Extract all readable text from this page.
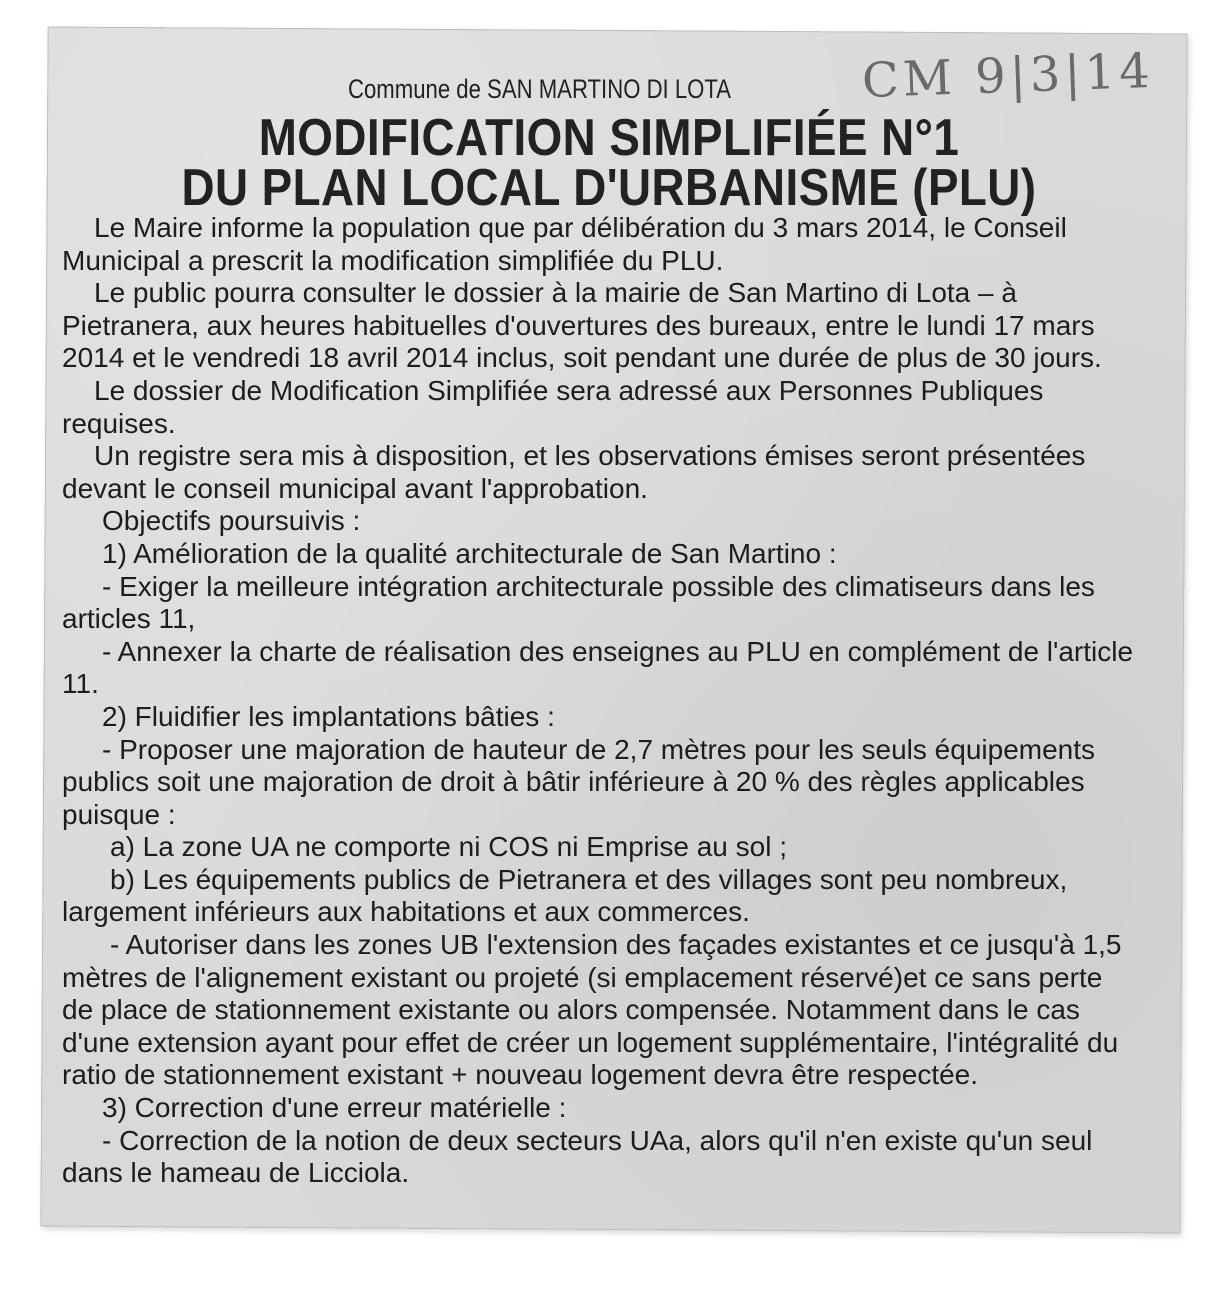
CM 9|3|14
Commune de SAN MARTINO DI LOTA
MODIFICATION SIMPLIFIÉE N°1
DU PLAN LOCAL D'URBANISME (PLU)

Le Maire informe la population que par délibération du 3 mars 2014, le Conseil Municipal a prescrit la modification simplifiée du PLU.

Le public pourra consulter le dossier à la mairie de San Martino di Lota – à Pietranera, aux heures habituelles d'ouvertures des bureaux, entre le lundi 17 mars 2014 et le vendredi 18 avril 2014 inclus, soit pendant une durée de plus de 30 jours.

Le dossier de Modification Simplifiée sera adressé aux Personnes Publiques requises.

Un registre sera mis à disposition, et les observations émises seront présentées devant le conseil municipal avant l'approbation.

Objectifs poursuivis :

1) Amélioration de la qualité architecturale de San Martino :

- Exiger la meilleure intégration architecturale possible des climatiseurs dans les articles 11,

- Annexer la charte de réalisation des enseignes au PLU en complément de l'article 11.

2) Fluidifier les implantations bâties :

- Proposer une majoration de hauteur de 2,7 mètres pour les seuls équipements publics soit une majoration de droit à bâtir inférieure à 20 % des règles applicables puisque :

a) La zone UA ne comporte ni COS ni Emprise au sol ;

b) Les équipements publics de Pietranera et des villages sont peu nombreux, largement inférieurs aux habitations et aux commerces.

- Autoriser dans les zones UB l'extension des façades existantes et ce jusqu'à 1,5 mètres de l'alignement existant ou projeté (si emplacement réservé)et ce sans perte de place de stationnement existante ou alors compensée. Notamment dans le cas d'une extension ayant pour effet de créer un logement supplémentaire, l'intégralité du ratio de stationnement existant + nouveau logement devra être respectée.

3) Correction d'une erreur matérielle :

- Correction de la notion de deux secteurs UAa, alors qu'il n'en existe qu'un seul dans le hameau de Licciola.
